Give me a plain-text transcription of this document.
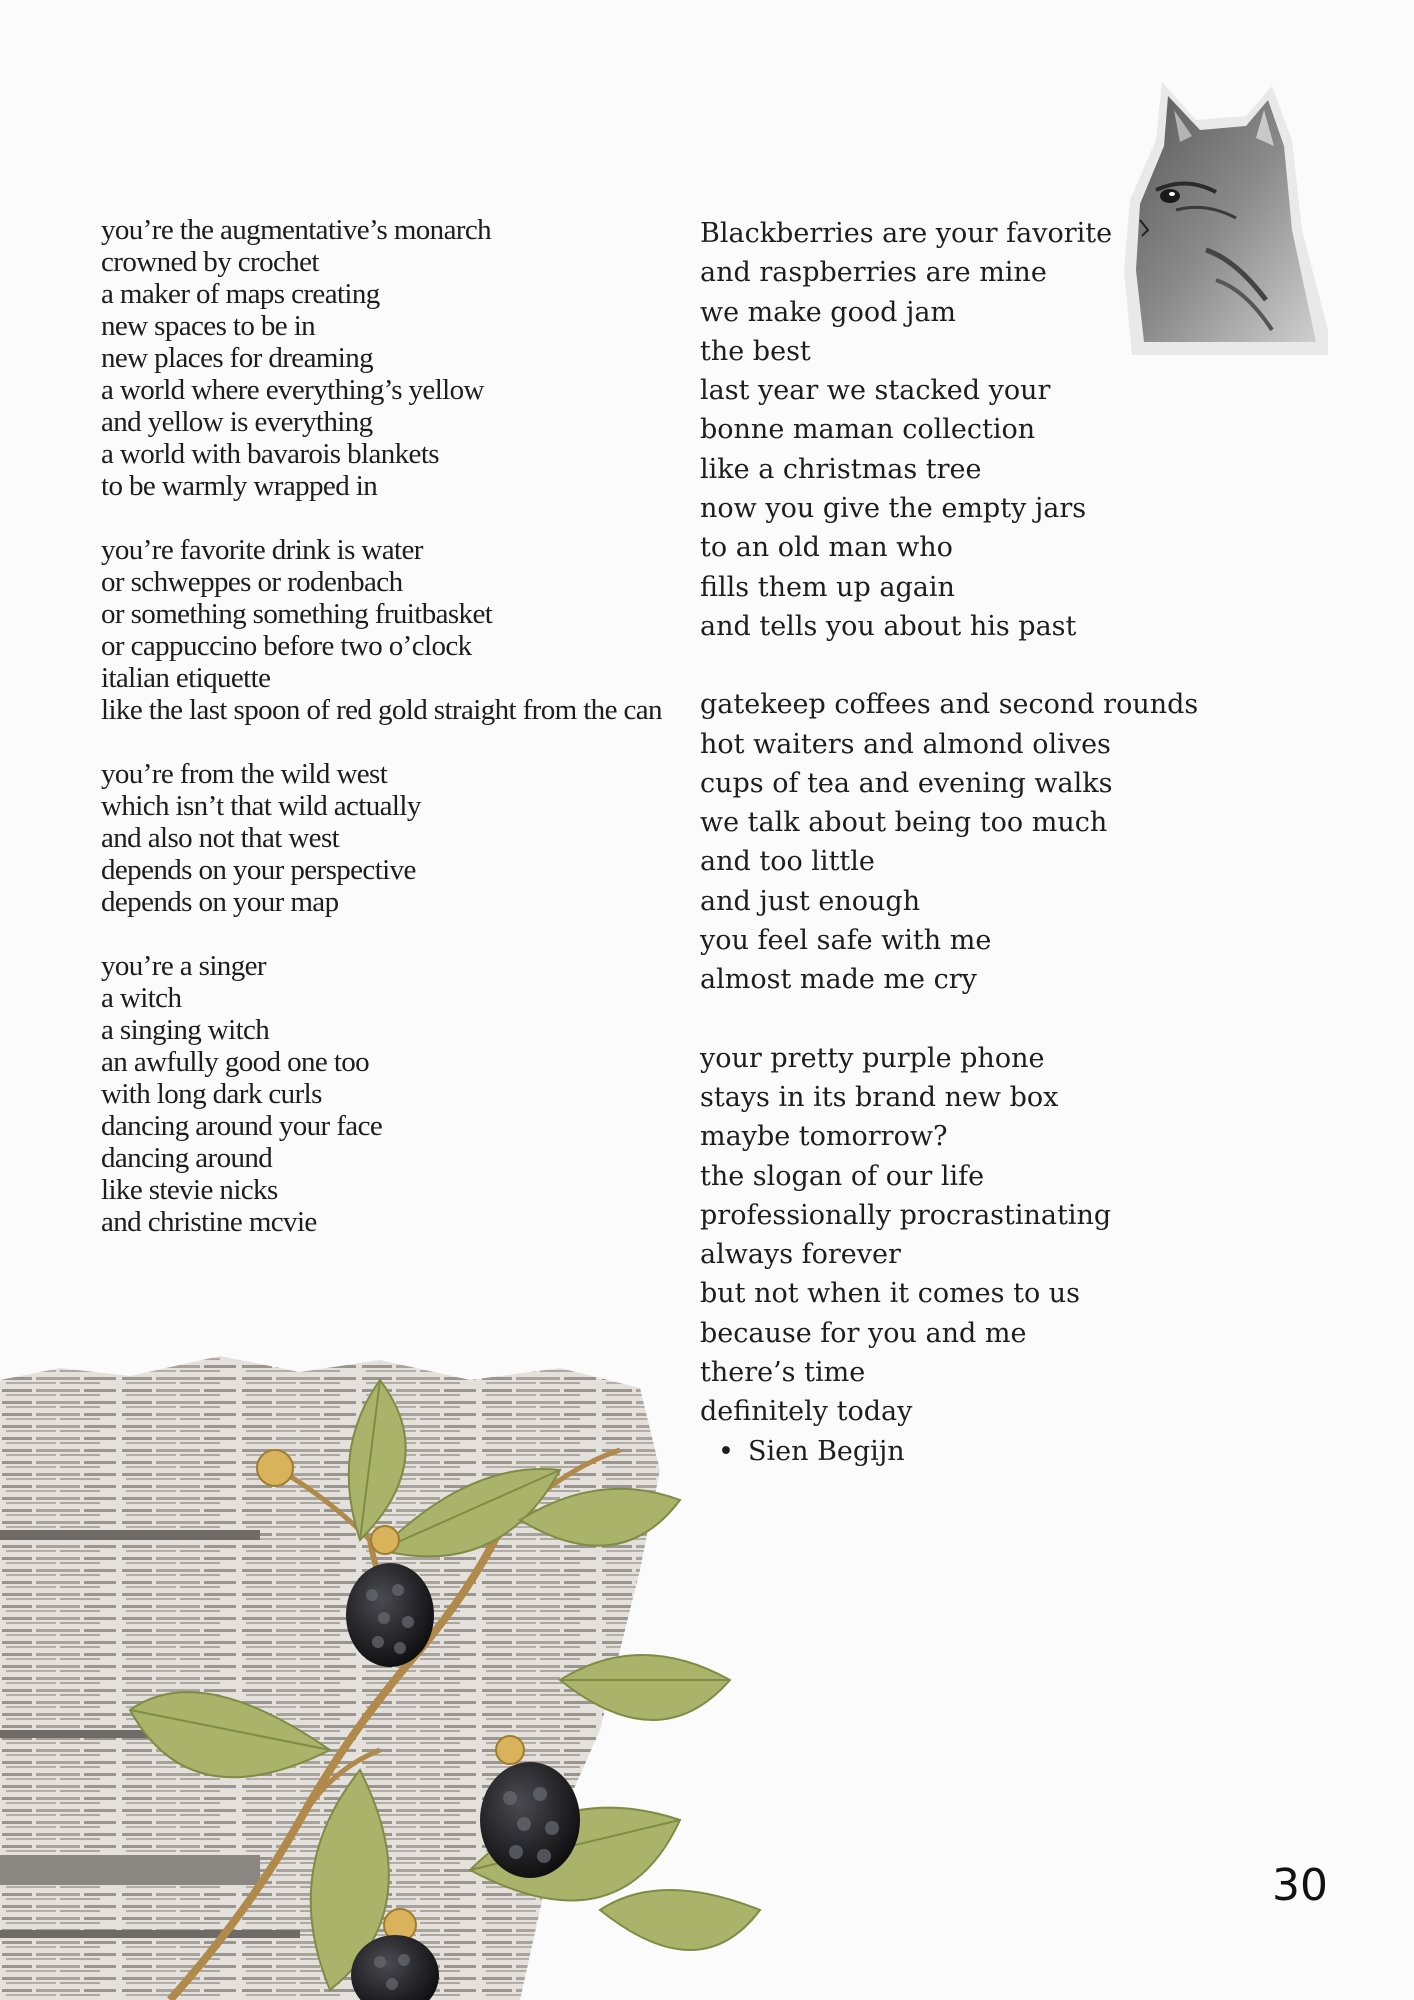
you’re the augmentative’s monarch
crowned by crochet
a maker of maps creating
new spaces to be in
new places for dreaming
a world where everything’s yellow
and yellow is everything
a world with bavarois blankets
to be warmly wrapped in
you’re favorite drink is water
or schweppes or rodenbach
or something something fruitbasket
or cappuccino before two o’clock
italian etiquette
like the last spoon of red gold straight from the can
you’re from the wild west
which isn’t that wild actually
and also not that west
depends on your perspective
depends on your map
you’re a singer
a witch
a singing witch
an awfully good one too
with long dark curls
dancing around your face
dancing around
like stevie nicks
and christine mcvie
Blackberries are your favorite
and raspberries are mine
we make good jam
the best
last year we stacked your
bonne maman collection
like a christmas tree
now you give the empty jars
to an old man who
fills them up again
and tells you about his past
gatekeep coffees and second rounds
hot waiters and almond olives
cups of tea and evening walks
we talk about being too much
and too little
and just enough
you feel safe with me
almost made me cry
your pretty purple phone
stays in its brand new box
maybe tomorrow?
the slogan of our life
professionally procrastinating
always forever
but not when it comes to us
because for you and me
there’s time
definitely today
• Sien Begijn
30
